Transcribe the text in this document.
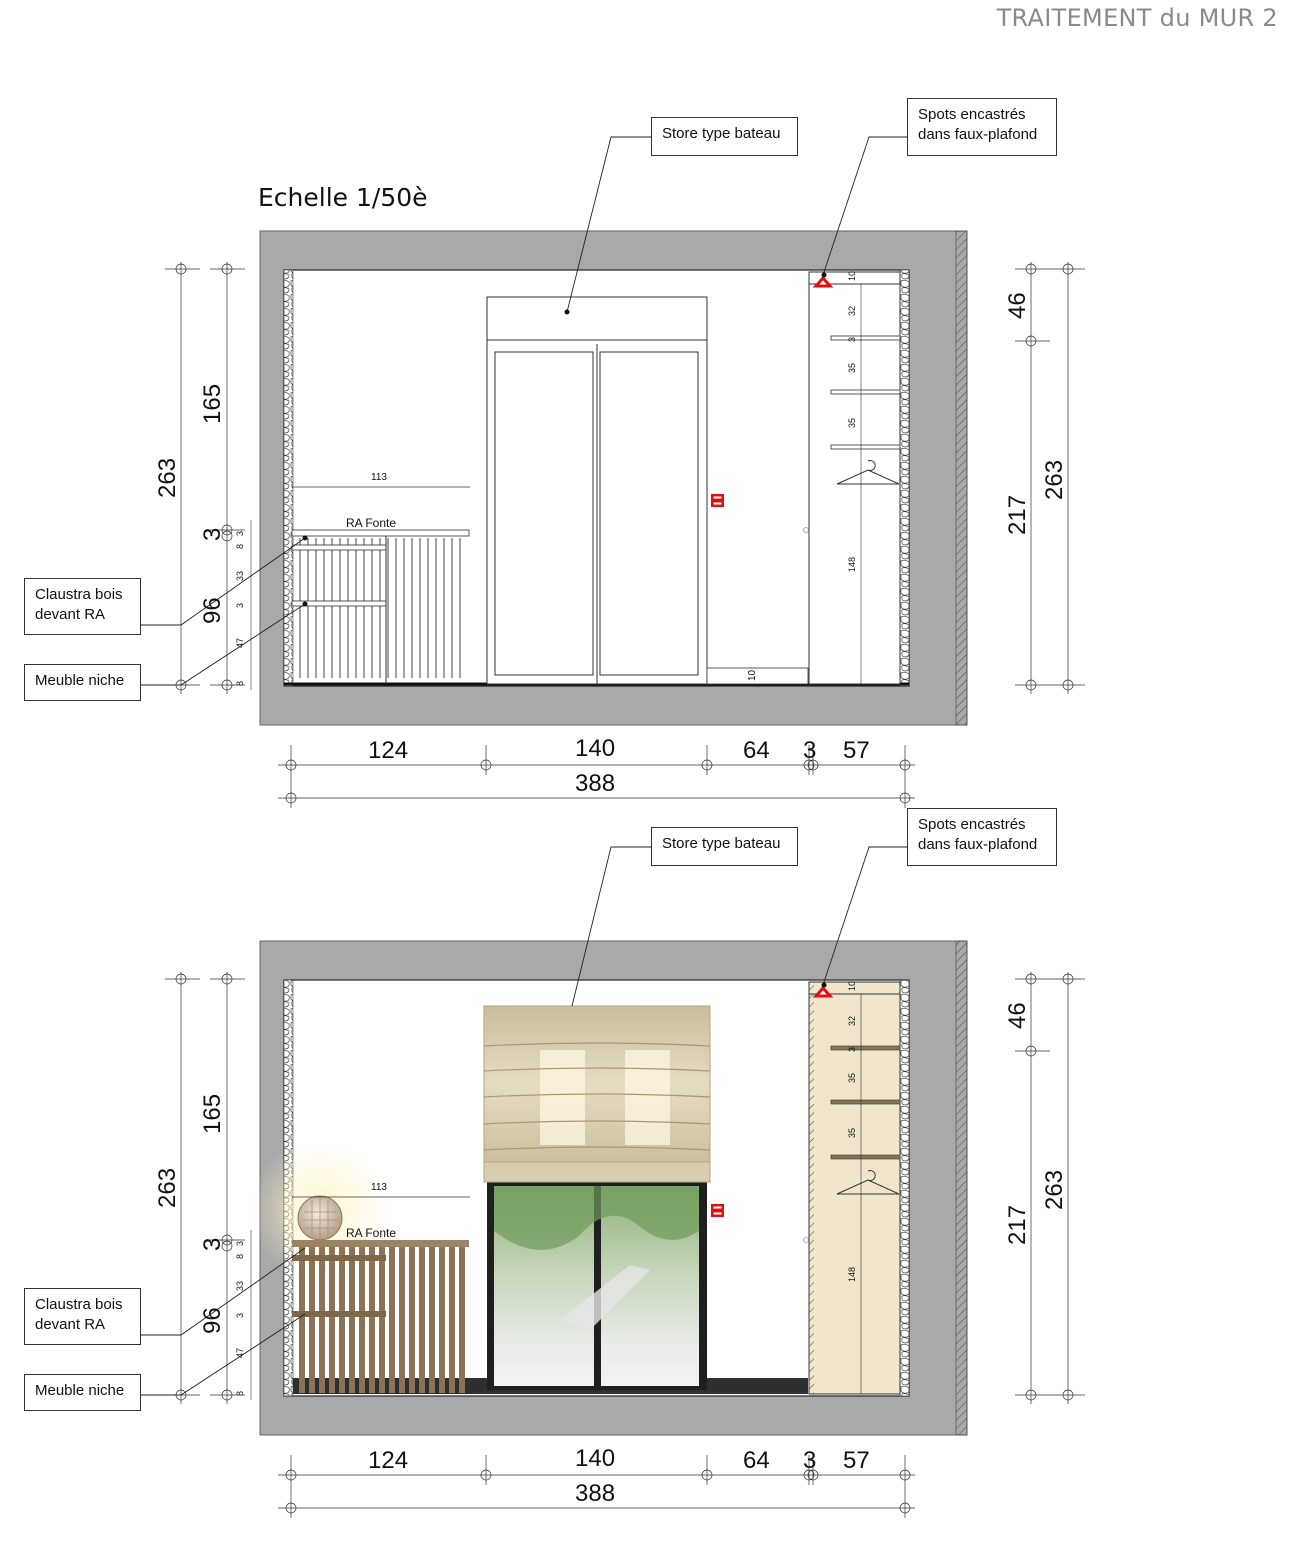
TRAITEMENT du MUR 2
Echelle 1/50è
Store type bateau
Spots encastrés
dans faux-plafond
Claustra bois
devant RA
Meuble niche
Store type bateau
Spots encastrés
dans faux-plafond
Claustra bois
devant RA
Meuble niche
RA Fonte
113
10
10
32
3
35
35
148
3
8
33
3
47
8
263
165
3
96
46
217
263
124	140	64 3 57
388
RA Fonte
113
10
32
3
35
35
148
3
8
33
3
47
8
263
165
3
96
46
217
263
124	140	64 3 57
388
